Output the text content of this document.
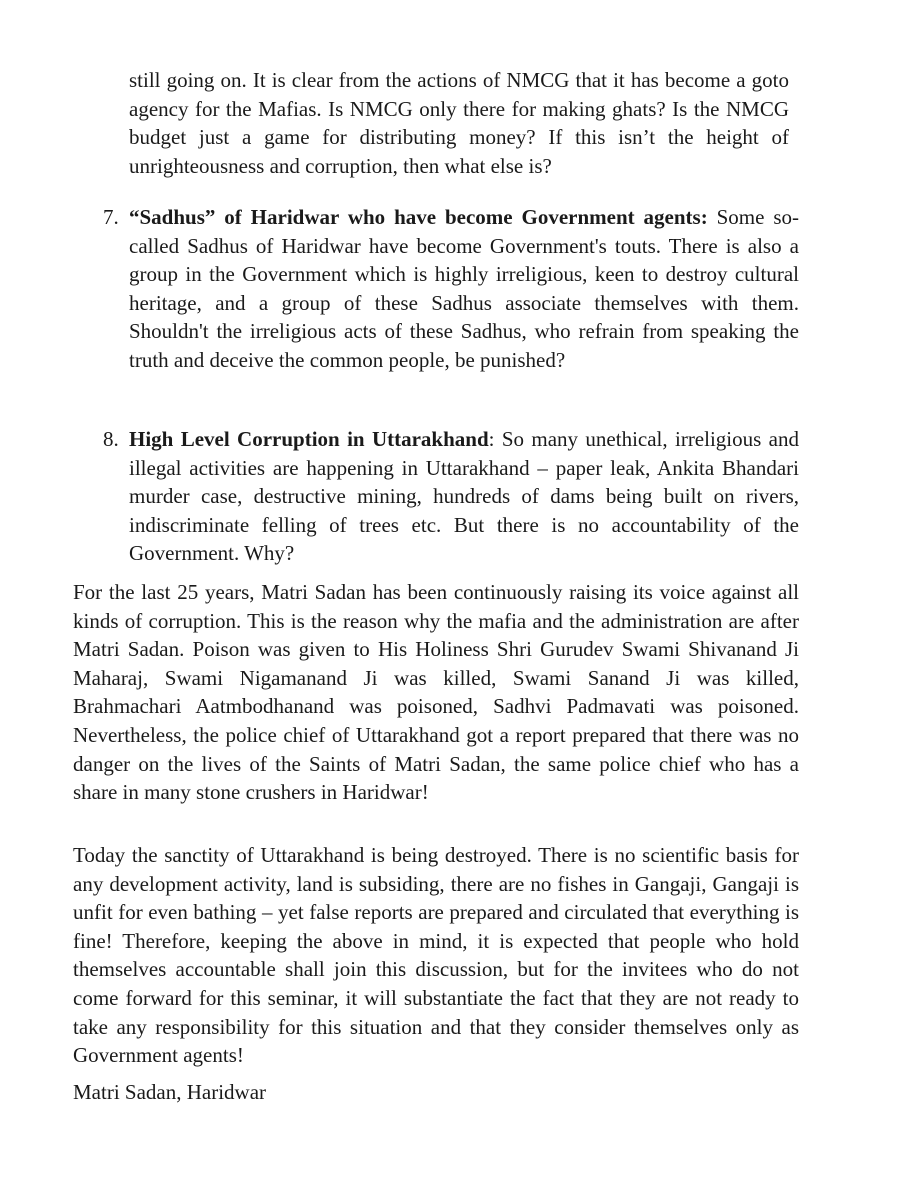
still going on. It is clear from the actions of NMCG that it has become a goto agency for the Mafias. Is NMCG only there for making ghats? Is the NMCG budget just a game for distributing money? If this isn’t the height of unrighteousness and corruption, then what else is?

7. “Sadhus” of Haridwar who have become Government agents: Some so-called Sadhus of Haridwar have become Government's touts. There is also a group in the Government which is highly irreligious, keen to destroy cultural heritage, and a group of these Sadhus associate themselves with them. Shouldn't the irreligious acts of these Sadhus, who refrain from speaking the truth and deceive the common people, be punished?

8. High Level Corruption in Uttarakhand: So many unethical, irreligious and illegal activities are happening in Uttarakhand – paper leak, Ankita Bhandari murder case, destructive mining, hundreds of dams being built on rivers, indiscriminate felling of trees etc. But there is no accountability of the Government. Why?

For the last 25 years, Matri Sadan has been continuously raising its voice against all kinds of corruption. This is the reason why the mafia and the administration are after Matri Sadan. Poison was given to His Holiness Shri Gurudev Swami Shivanand Ji Maharaj, Swami Nigamanand Ji was killed, Swami Sanand Ji was killed, Brahmachari Aatmbodhanand was poisoned, Sadhvi Padmavati was poisoned. Nevertheless, the police chief of Uttarakhand got a report prepared that there was no danger on the lives of the Saints of Matri Sadan, the same police chief who has a share in many stone crushers in Haridwar!

Today the sanctity of Uttarakhand is being destroyed. There is no scientific basis for any development activity, land is subsiding, there are no fishes in Gangaji, Gangaji is unfit for even bathing – yet false reports are prepared and circulated that everything is fine! Therefore, keeping the above in mind, it is expected that people who hold themselves accountable shall join this discussion, but for the invitees who do not come forward for this seminar, it will substantiate the fact that they are not ready to take any responsibility for this situation and that they consider themselves only as Government agents!

Matri Sadan, Haridwar
